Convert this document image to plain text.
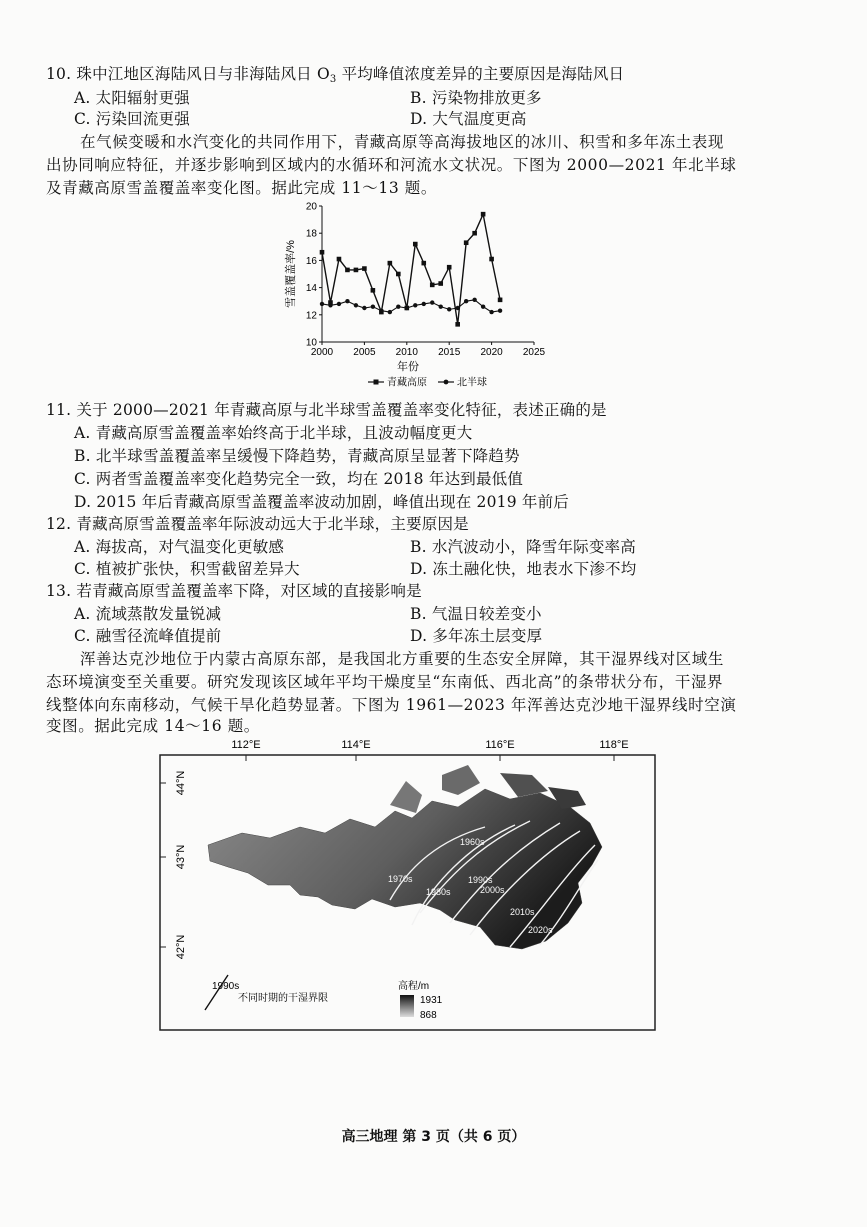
10. 珠中江地区海陆风日与非海陆风日 $O_3$ 平均峰值浓度差异的主要原因是海陆风日
A. 太阳辐射更强	B. 污染物排放更多
C. 污染回流更强	D. 大气温度更高
在气候变暖和水汽变化的共同作用下，青藏高原等高海拔地区的冰川、积雪和多年冻土表现
出协同响应特征，并逐步影响到区域内的水循环和河流水文状况。下图为 2000—2021 年北半球
及青藏高原雪盖覆盖率变化图。据此完成 11～13 题。
2000 2005 2010 2015 2020 2025
10
12
14
16
18
20
年份
雪盖覆盖率/%
青藏高原	北半球
11. 关于 2000—2021 年青藏高原与北半球雪盖覆盖率变化特征，表述正确的是
A. 青藏高原雪盖覆盖率始终高于北半球，且波动幅度更大
B. 北半球雪盖覆盖率呈缓慢下降趋势，青藏高原呈显著下降趋势
C. 两者雪盖覆盖率变化趋势完全一致，均在 2018 年达到最低值
D. 2015 年后青藏高原雪盖覆盖率波动加剧，峰值出现在 2019 年前后
12. 青藏高原雪盖覆盖率年际波动远大于北半球，主要原因是
A. 海拔高，对气温变化更敏感	B. 水汽波动小，降雪年际变率高
C. 植被扩张快，积雪截留差异大	D. 冻土融化快，地表水下渗不均
13. 若青藏高原雪盖覆盖率下降，对区域的直接影响是
A. 流域蒸散发量锐减	B. 气温日较差变小
C. 融雪径流峰值提前	D. 多年冻土层变厚
浑善达克沙地位于内蒙古高原东部，是我国北方重要的生态安全屏障，其干湿界线对区域生
态环境演变至关重要。研究发现该区域年平均干燥度呈“东南低、西北高”的条带状分布，干湿界
线整体向东南移动，气候干旱化趋势显著。下图为 1961—2023 年浑善达克沙地干湿界线时空演
变图。据此完成 14～16 题。
112°E	114°E	116°E	118°E
44°N
43°N
42°N
1960s
1970s
1980s
1990s
2000s
2010s
2020s
1990s
不同时期的干湿界限
高程/m
1931
868
高三地理 第 3 页（共 6 页）
